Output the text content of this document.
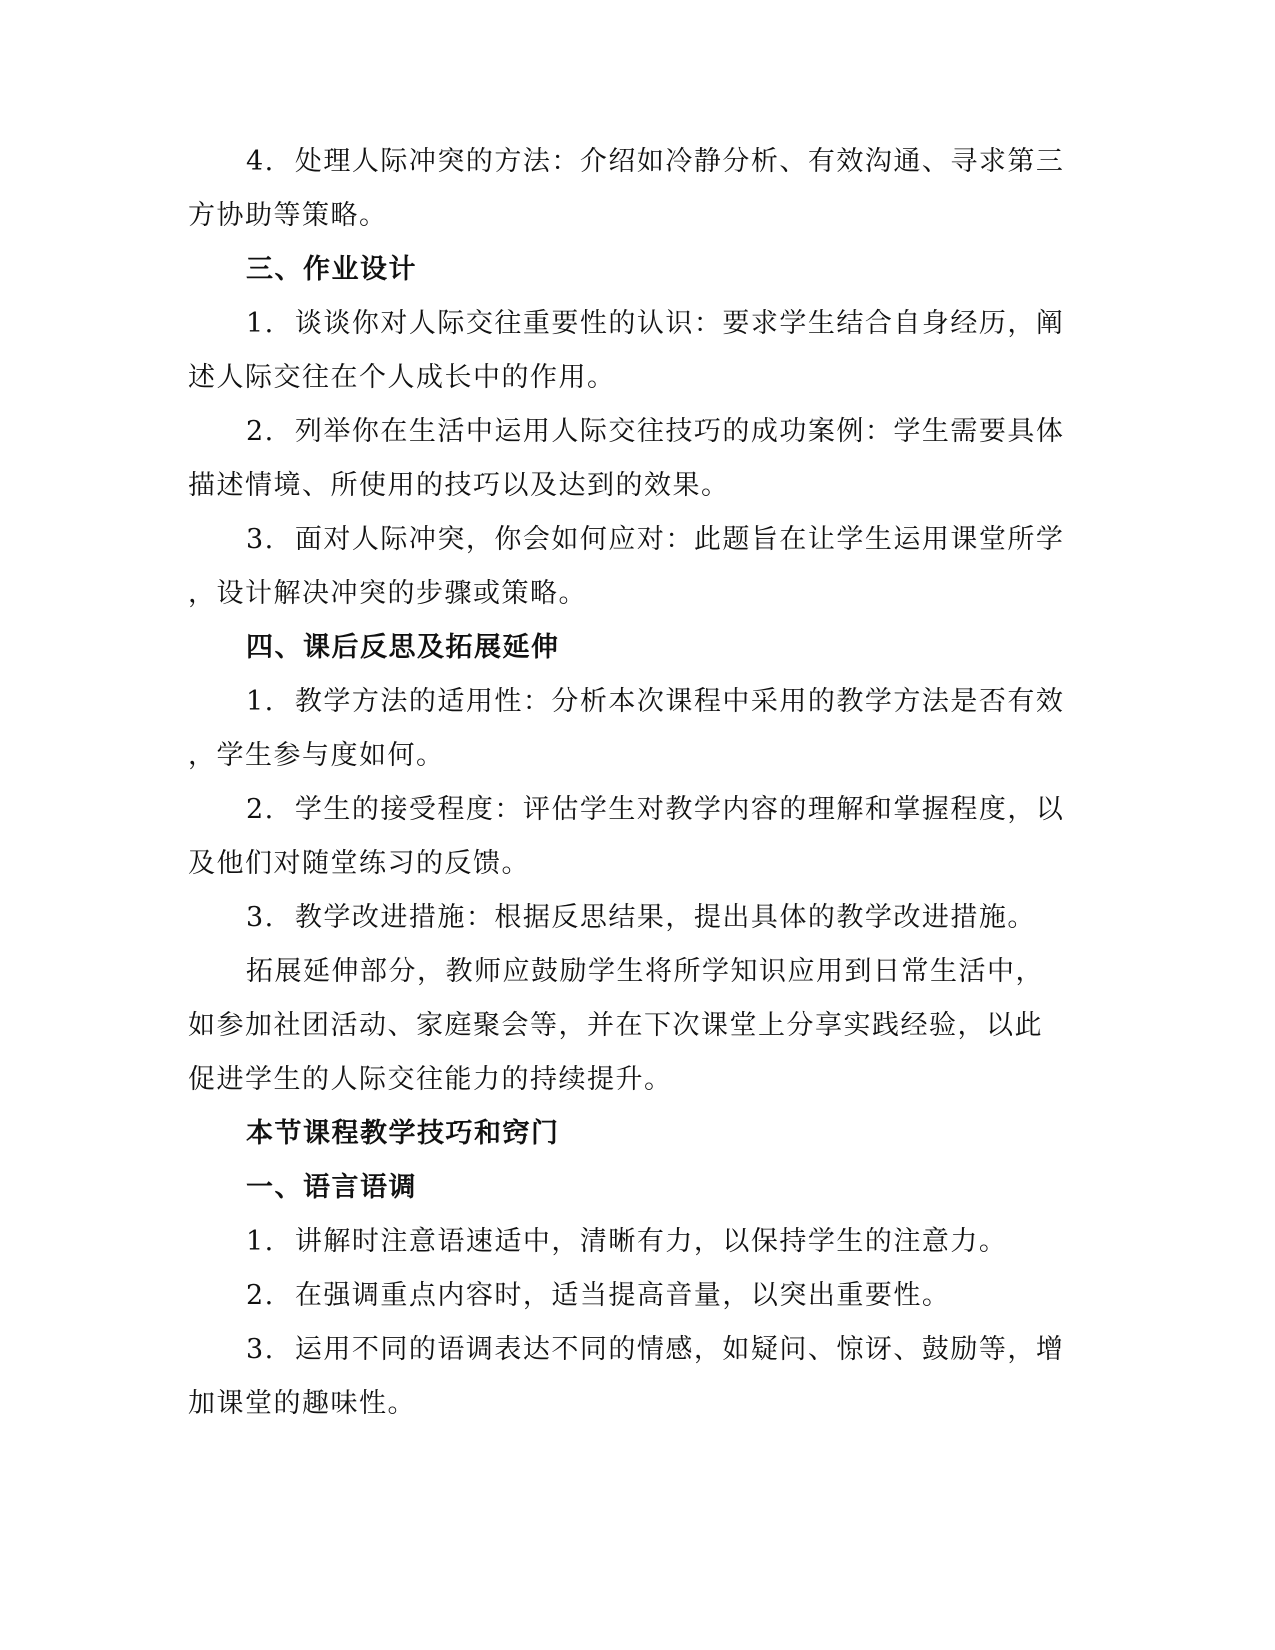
4.  处理人际冲突的方法：介绍如冷静分析、有效沟通、寻求第三
方协助等策略。
三、作业设计
1.  谈谈你对人际交往重要性的认识：要求学生结合自身经历，阐
述人际交往在个人成长中的作用。
2.  列举你在生活中运用人际交往技巧的成功案例：学生需要具体
描述情境、所使用的技巧以及达到的效果。
3.  面对人际冲突，你会如何应对：此题旨在让学生运用课堂所学
，设计解决冲突的步骤或策略。
四、课后反思及拓展延伸
1.  教学方法的适用性：分析本次课程中采用的教学方法是否有效
，学生参与度如何。
2.  学生的接受程度：评估学生对教学内容的理解和掌握程度，以
及他们对随堂练习的反馈。
3.  教学改进措施：根据反思结果，提出具体的教学改进措施。
拓展延伸部分，教师应鼓励学生将所学知识应用到日常生活中，
如参加社团活动、家庭聚会等，并在下次课堂上分享实践经验，以此
促进学生的人际交往能力的持续提升。
本节课程教学技巧和窍门
一、语言语调
1.  讲解时注意语速适中，清晰有力，以保持学生的注意力。
2.  在强调重点内容时，适当提高音量，以突出重要性。
3.  运用不同的语调表达不同的情感，如疑问、惊讶、鼓励等，增
加课堂的趣味性。
